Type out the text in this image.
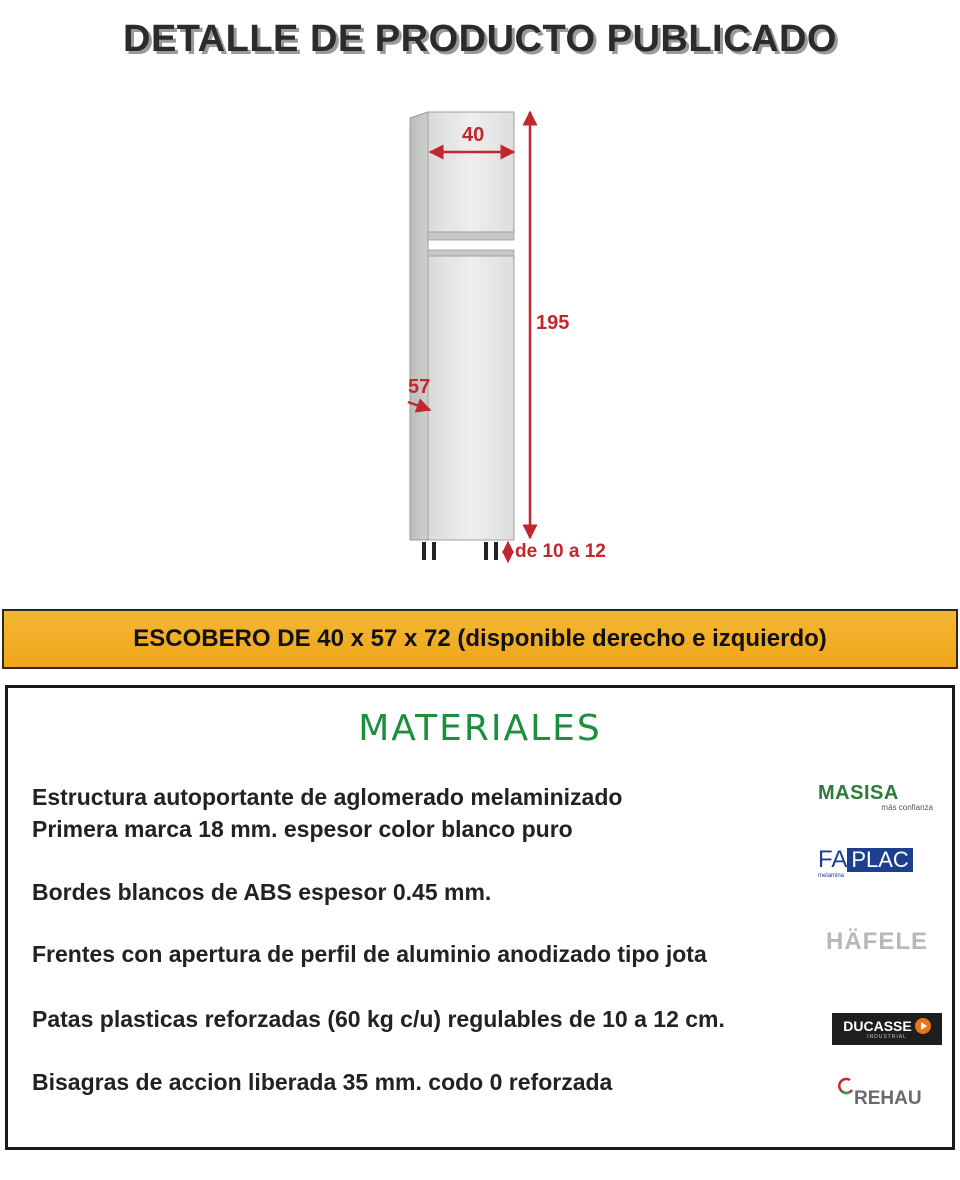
DETALLE DE PRODUCTO PUBLICADO
40
195
57
de 10 a 12
ESCOBERO DE 40 x 57 x 72 (disponible derecho e izquierdo)
MATERIALES
Estructura autoportante de aglomerado melaminizado
Primera marca 18 mm. espesor color blanco puro
Bordes blancos de ABS espesor 0.45 mm.
Frentes con apertura de perfil de aluminio anodizado tipo jota
Patas plasticas reforzadas (60 kg c/u) regulables de 10 a 12 cm.
Bisagras de accion liberada 35 mm. codo 0 reforzada
MASISA
más confianza
FA PLAC
melamina
HÄFELE
DUCASSE
INDUSTRIAL
REHAU
